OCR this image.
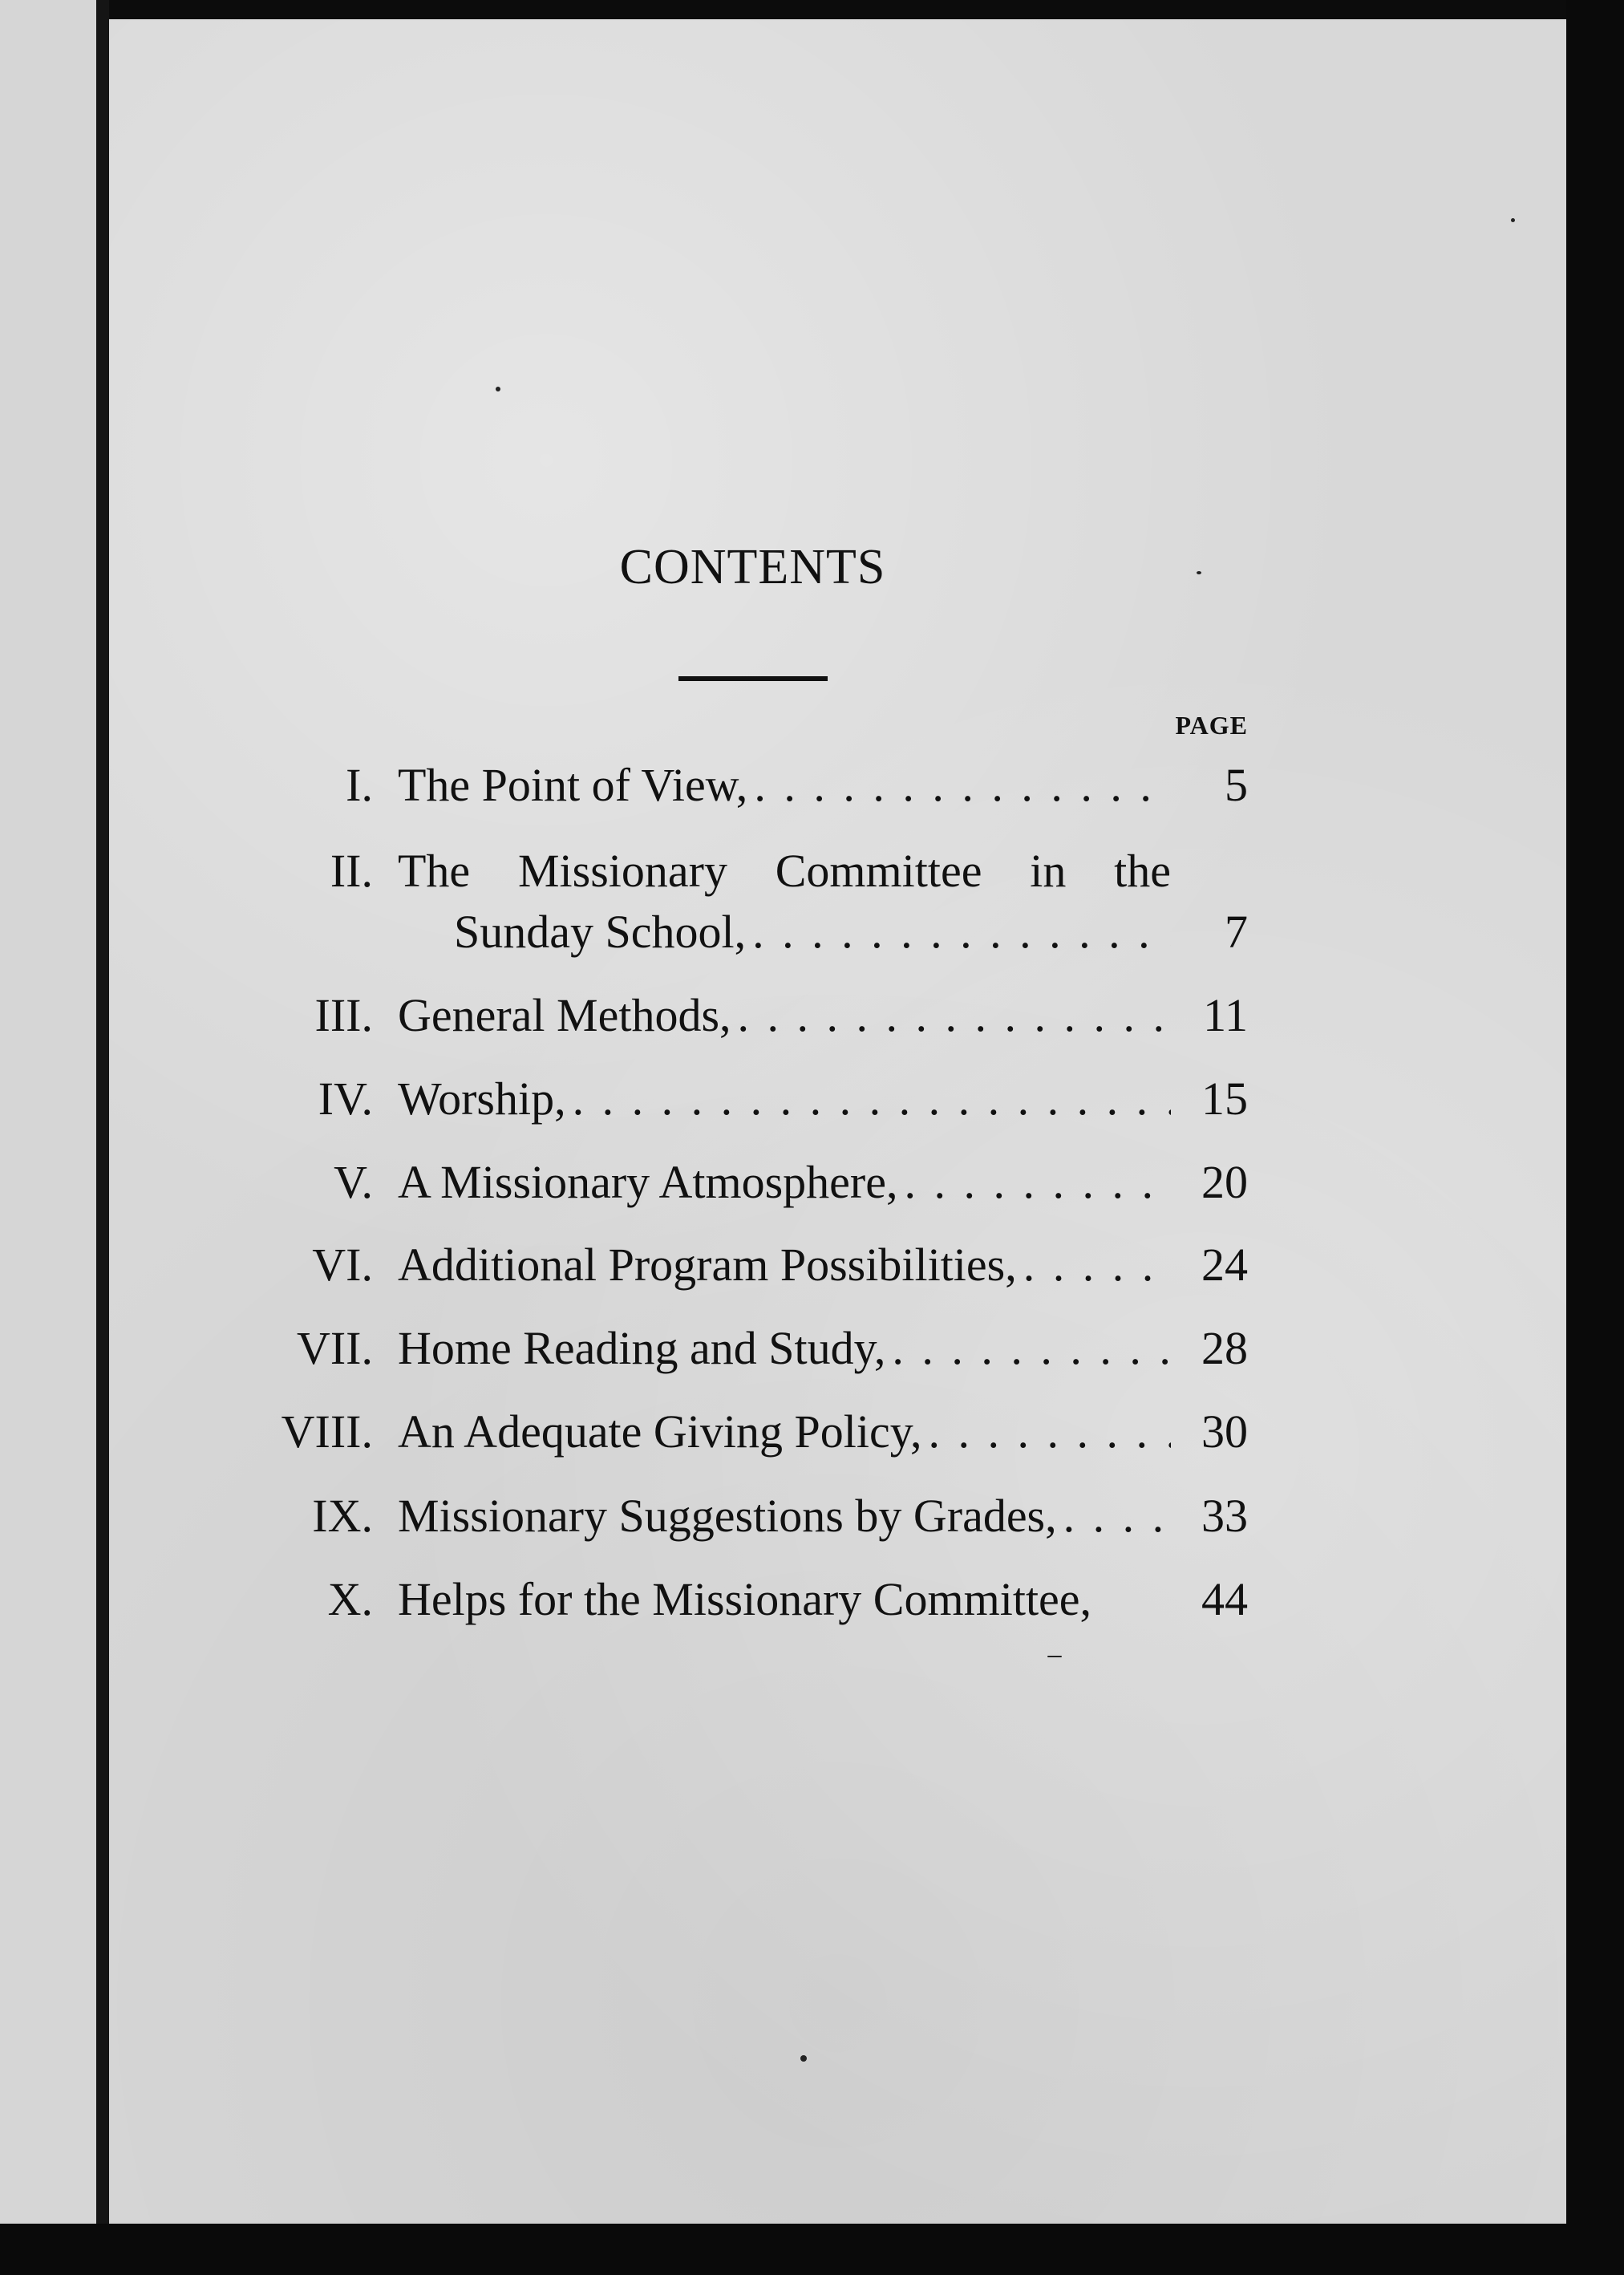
CONTENTS
PAGE
I. The Point of View, . . .	5
II. The Missionary Committee in the
Sunday School, . . .	7
III. General Methods, . . .	11
IV. Worship, . . .	15
V. A Missionary Atmosphere, . . .	20
VI. Additional Program Possibilities, . . .	24
VII. Home Reading and Study, . . .	28
VIII. An Adequate Giving Policy, . . .	30
IX. Missionary Suggestions by Grades, . . .	33
X. Helps for the Missionary Committee,	44
